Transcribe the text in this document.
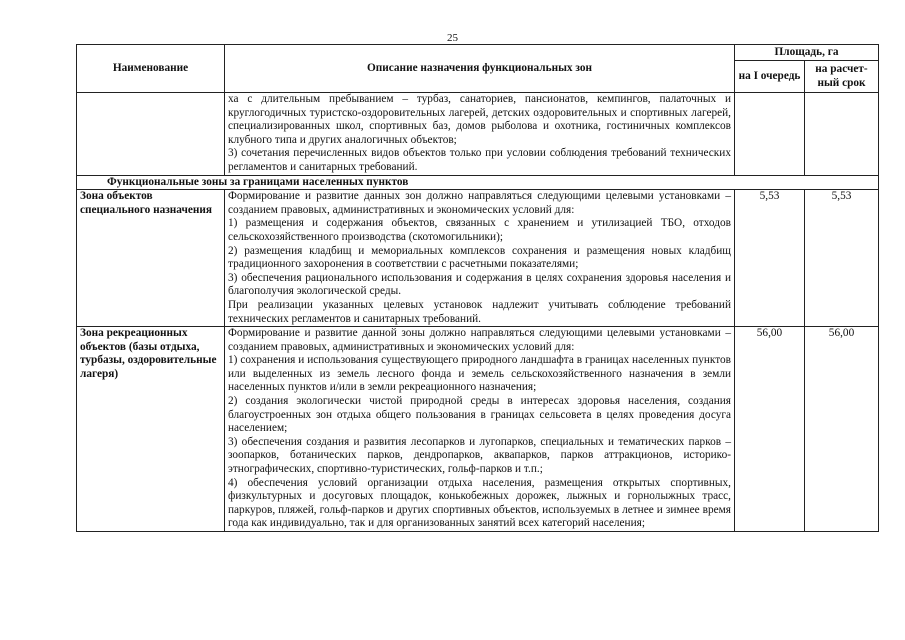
25
Наименование	Описание назначения функциональных зон	Площадь, га	
		на I очередь	на расчет- ный срок

	ха с длительным пребыванием – турбаз, санаториев, пансионатов, кемпингов, палаточных и круглогодичных туристско-оздоровительных лагерей, детских оздоровительных и спортивных лагерей, специализированных школ, спортивных баз, домов рыболова и охотника, гостиничных комплексов клубного типа и других аналогичных объектов;

3) сочетания перечисленных видов объектов только при условии соблюдения требований технических регламентов и санитарных требований.		

Функциональные зоны за границами населенных пунктов			
Зона объектов специального назначения	Формирование и развитие данных зон должно направляться следующими целевыми установками – созданием правовых, административных и экономических условий для:

1) размещения и содержания объектов, связанных с хранением и утилизацией ТБО, отходов сельскохозяйственного производства (скотомогильники);

2) размещения кладбищ и мемориальных комплексов сохранения и размещения новых кладбищ традиционного захоронения в соответствии с расчетными показателями;

3) обеспечения рационального использования и содержания в целях сохранения здоровья населения и благополучия экологической среды.

При реализации указанных целевых установок надлежит учитывать соблюдение требований технических регламентов и санитарных требований.	5,53	5,53
Зона рекреационных объектов (базы отдыха, турбазы, оздоровительные лагеря)	Формирование и развитие данной зоны должно направляться следующими целевыми установками – созданием правовых, административных и экономических условий для:

1) сохранения и использования существующего природного ландшафта в границах населенных пунктов или выделенных из земель лесного фонда и земель сельскохозяйственного назначения в земли населенных пунктов и/или в земли рекреационного назначения;

2) создания экологически чистой природной среды в интересах здоровья населения, создания благоустроенных зон отдыха общего пользования в границах сельсовета в целях проведения досуга населением;

3) обеспечения создания и развития лесопарков и лугопарков, специальных и тематических парков – зоопарков, ботанических парков, дендропарков, аквапарков, парков аттракционов, историко-этнографических, спортивно-туристических, гольф-парков и т.п.;

4) обеспечения условий организации отдыха населения, размещения открытых спортивных, физкультурных и досуговых площадок, конькобежных дорожек, лыжных и горнолыжных трасс, паркуров, пляжей, гольф-парков и других спортивных объектов, используемых в летнее и зимнее время года как индивидуально, так и для организованных занятий всех категорий населения;	56,00	56,00
